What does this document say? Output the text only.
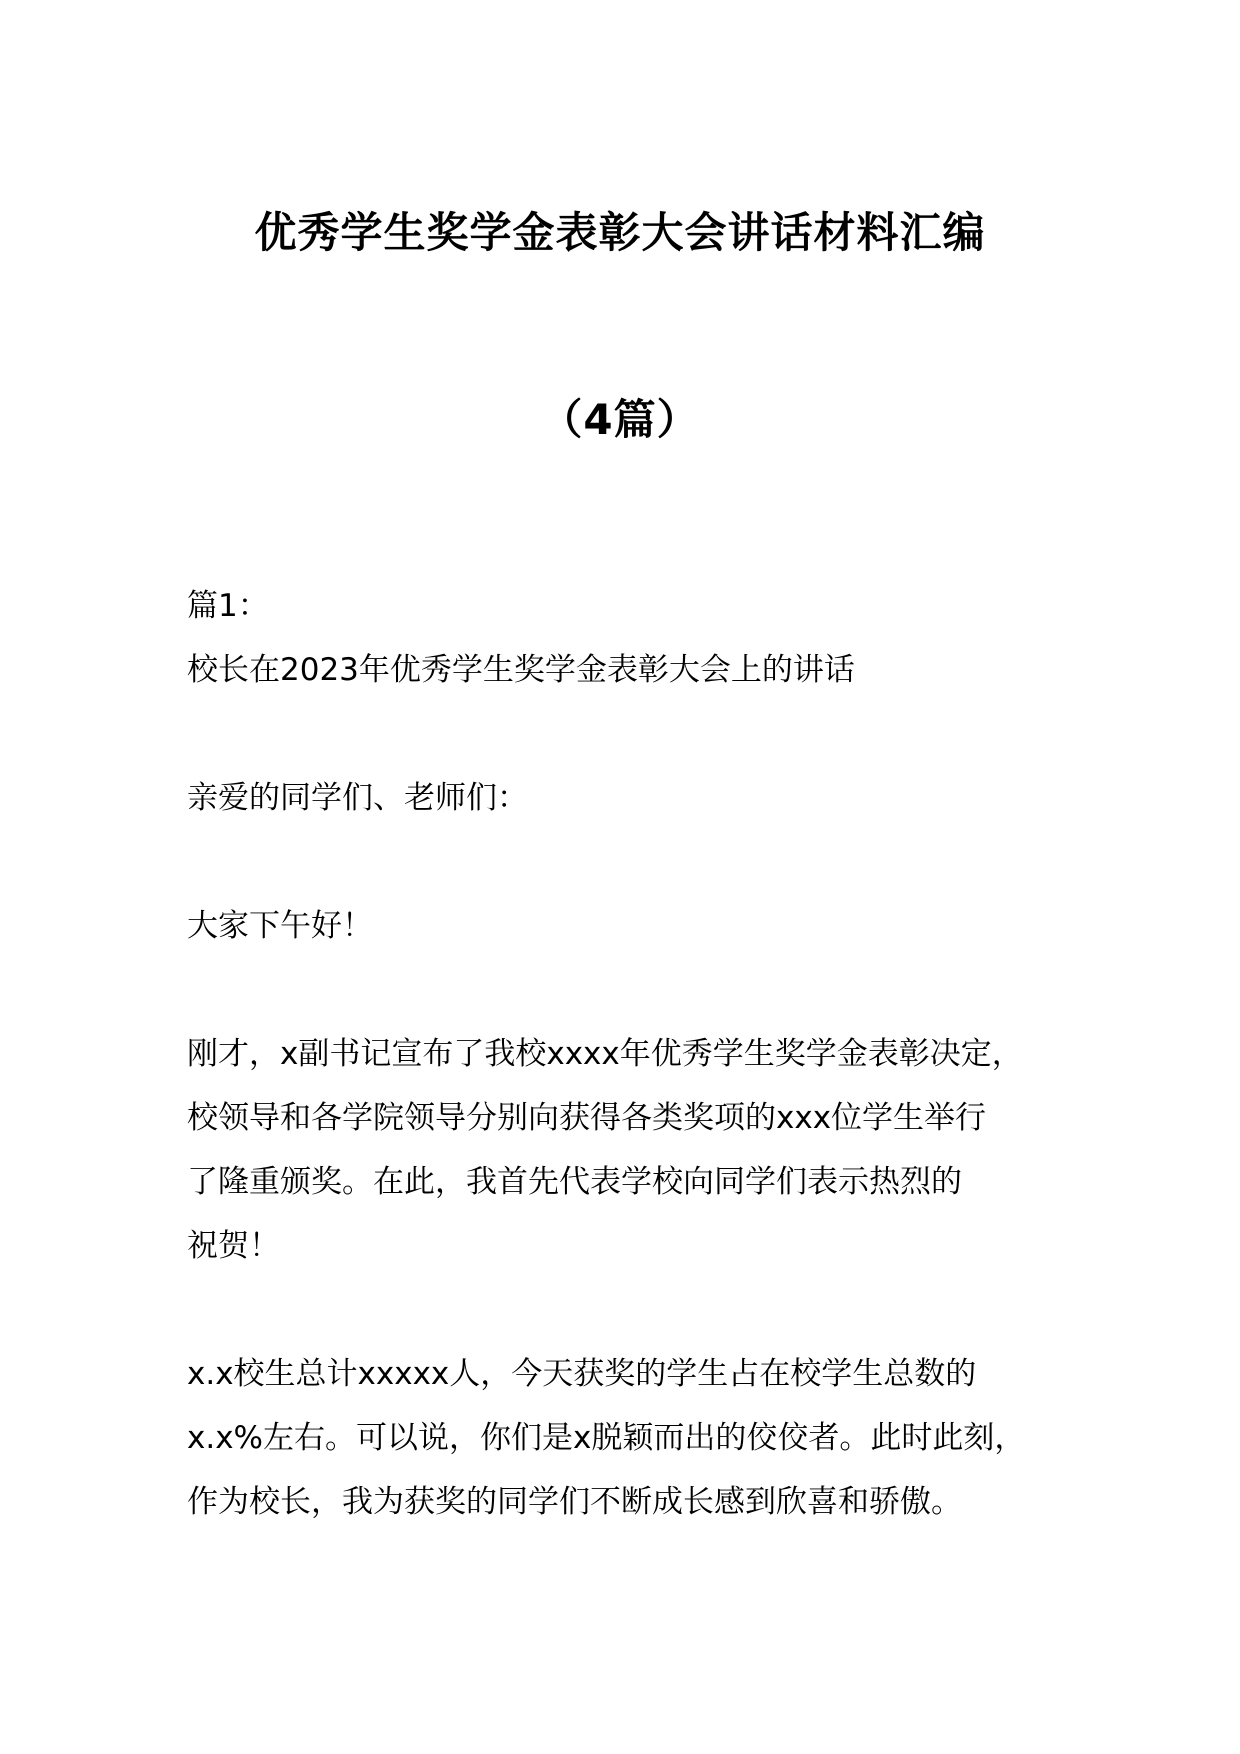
优秀学生奖学金表彰大会讲话材料汇编
（4篇）

篇1：

校长在2023年优秀学生奖学金表彰大会上的讲话

亲爱的同学们、老师们：

大家下午好！

刚才，x副书记宣布了我校xxxx年优秀学生奖学金表彰决定，

校领导和各学院领导分别向获得各类奖项的xxx位学生举行

了隆重颁奖。在此，我首先代表学校向同学们表示热烈的

祝贺！

x.x校生总计xxxxx人，今天获奖的学生占在校学生总数的

x.x%左右。可以说，你们是x脱颖而出的佼佼者。此时此刻，

作为校长，我为获奖的同学们不断成长感到欣喜和骄傲。
